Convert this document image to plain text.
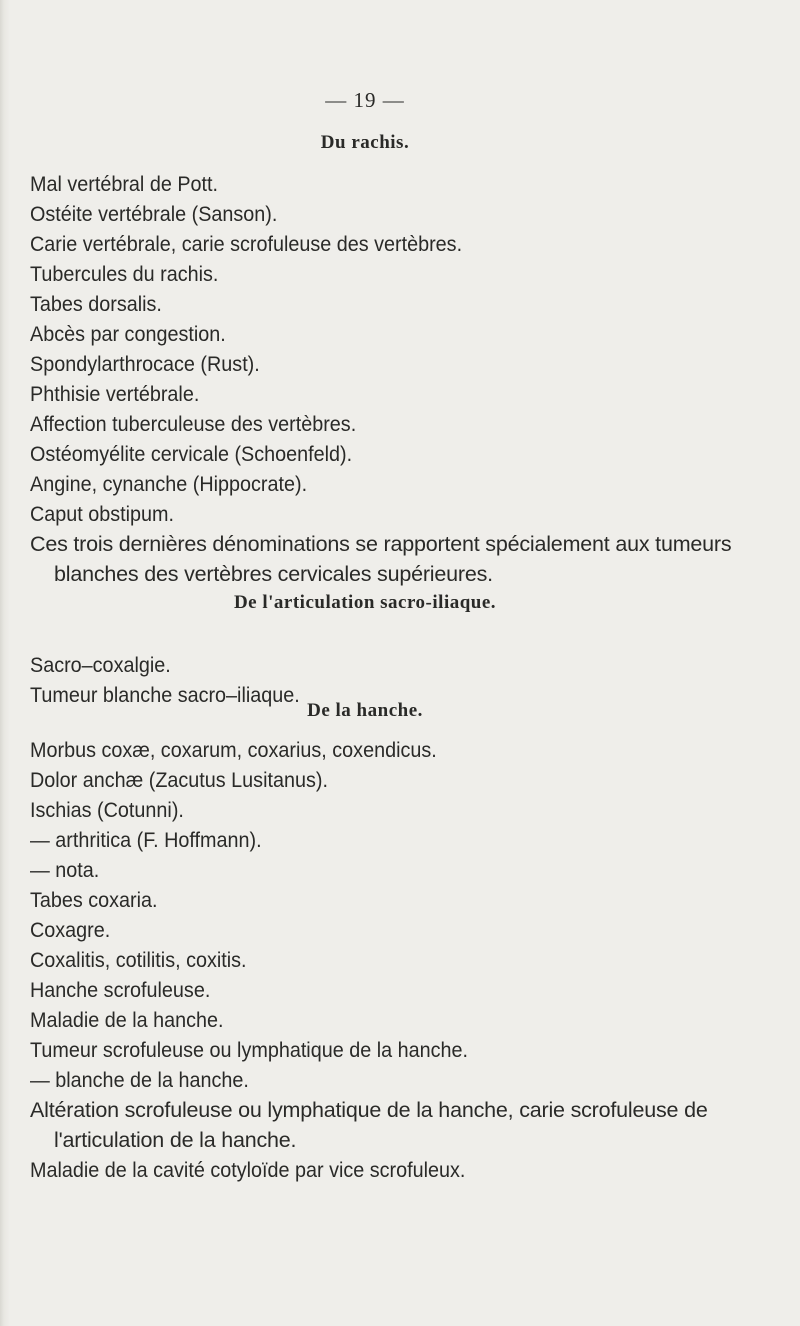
— 19 —
Du rachis.
Mal vertébral de Pott.
Ostéite vertébrale (Sanson).
Carie vertébrale, carie scrofuleuse des vertèbres.
Tubercules du rachis.
Tabes dorsalis.
Abcès par congestion.
Spondylarthrocace (Rust).
Phthisie vertébrale.
Affection tuberculeuse des vertèbres.
Ostéomyélite cervicale (Schoenfeld).
Angine, cynanche (Hippocrate).
Caput obstipum.
Ces trois dernières dénominations se rapportent spécialement aux tumeurs blanches des vertèbres cervicales supérieures.
De l'articulation sacro-iliaque.
Sacro–coxalgie.
Tumeur blanche sacro–iliaque.
De la hanche.
Morbus coxæ, coxarum, coxarius, coxendicus.
Dolor anchæ (Zacutus Lusitanus).
Ischias (Cotunni).
— arthritica (F. Hoffmann).
— nota.
Tabes coxaria.
Coxagre.
Coxalitis, cotilitis, coxitis.
Hanche scrofuleuse.
Maladie de la hanche.
Tumeur scrofuleuse ou lymphatique de la hanche.
— blanche de la hanche.
Altération scrofuleuse ou lymphatique de la hanche, carie scrofuleuse de l'articulation de la hanche.
Maladie de la cavité cotyloïde par vice scrofuleux.
